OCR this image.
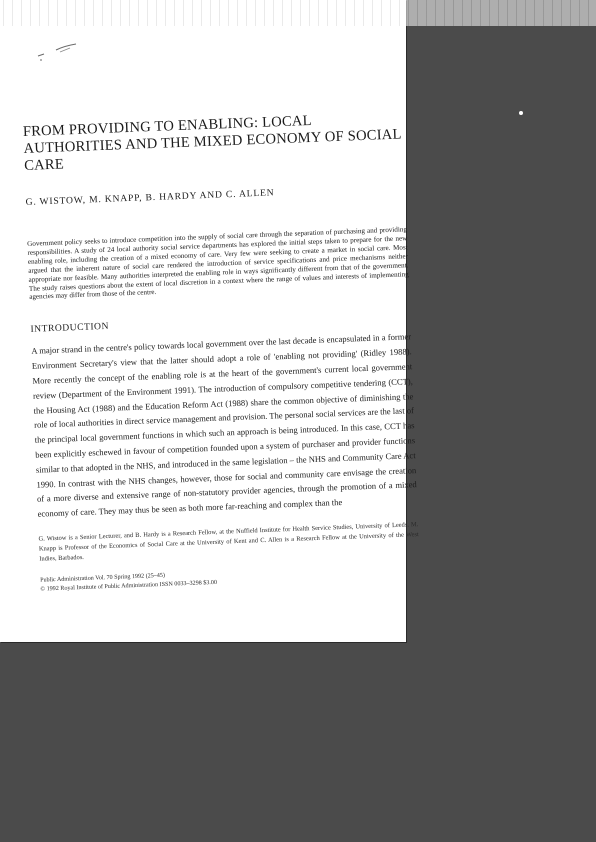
FROM PROVIDING TO ENABLING: LOCAL AUTHORITIES AND THE MIXED ECONOMY OF SOCIAL CARE
G. WISTOW, M. KNAPP, B. HARDY AND C. ALLEN

Government policy seeks to introduce competition into the supply of social care through the separation of purchasing and providing responsibilities. A study of 24 local authority social service departments has explored the initial steps taken to prepare for the new enabling role, including the creation of a mixed economy of care. Very few were seeking to create a market in social care. Most argued that the inherent nature of social care rendered the introduction of service specifications and price mechanisms neither appropriate nor feasible. Many authorities interpreted the enabling role in ways significantly different from that of the government. The study raises questions about the extent of local discretion in a context where the range of values and interests of implementing agencies may differ from those of the centre.

INTRODUCTION

A major strand in the centre's policy towards local government over the last decade is encapsulated in a former Environment Secretary's view that the latter should adopt a role of 'enabling not providing' (Ridley 1988). More recently the concept of the enabling role is at the heart of the government's current local government review (Department of the Environment 1991). The introduction of compulsory competitive tendering (CCT), the Housing Act (1988) and the Education Reform Act (1988) share the common objective of diminishing the role of local authorities in direct service management and provision. The personal social services are the last of the principal local government functions in which such an approach is being introduced. In this case, CCT has been explicitly eschewed in favour of competition founded upon a system of purchaser and provider functions similar to that adopted in the NHS, and introduced in the same legislation – the NHS and Community Care Act 1990. In contrast with the NHS changes, however, those for social and community care envisage the creation of a more diverse and extensive range of non-statutory provider agencies, through the promotion of a mixed economy of care. They may thus be seen as both more far-reaching and complex than the

G. Wistow is a Senior Lecturer, and B. Hardy is a Research Fellow, at the Nuffield Institute for Health Service Studies, University of Leeds. M. Knapp is Professor of the Economics of Social Care at the University of Kent and C. Allen is a Research Fellow at the University of the West Indies, Barbados.

Public Administration Vol. 70 Spring 1992 (25–45)
© 1992 Royal Institute of Public Administration ISSN 0033–3298 $3.00
